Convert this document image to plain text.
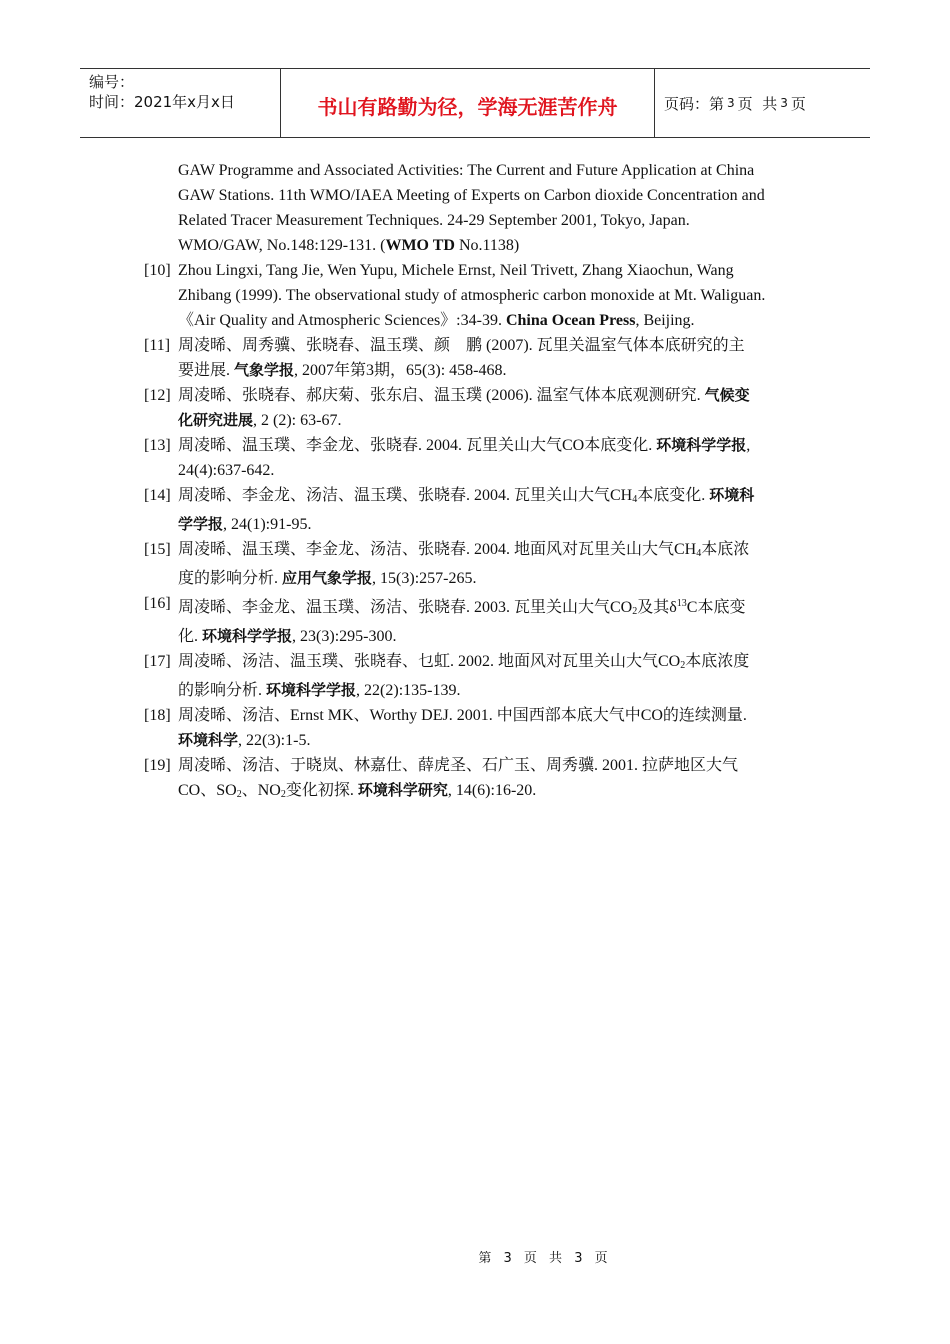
编号：
时间：2021年x月x日	书山有路勤为径，学海无涯苦作舟	页码：第 3 页  共 3 页
GAW Programme and Associated Activities: The Current and Future Application at China
GAW Stations. 11th WMO/IAEA Meeting of Experts on Carbon dioxide Concentration and
Related Tracer Measurement Techniques. 24-29 September 2001, Tokyo, Japan.
WMO/GAW, No.148:129-131. (WMO TD No.1138)
[10] Zhou Lingxi, Tang Jie, Wen Yupu, Michele Ernst, Neil Trivett, Zhang Xiaochun, Wang
Zhibang (1999). The observational study of atmospheric carbon monoxide at Mt. Waliguan.
《Air Quality and Atmospheric Sciences》:34-39. China Ocean Press, Beijing.
[11] 周凌晞、周秀骥、张晓春、温玉璞、颜　鹏 (2007). 瓦里关温室气体本底研究的主
要进展. 气象学报, 2007年第3期，65(3): 458-468.
[12] 周凌晞、张晓春、郝庆菊、张东启、温玉璞 (2006). 温室气体本底观测研究. 气候变
化研究进展, 2 (2): 63-67.
[13] 周凌晞、温玉璞、李金龙、张晓春. 2004. 瓦里关山大气CO本底变化. 环境科学学报,
24(4):637-642.
[14] 周凌晞、李金龙、汤洁、温玉璞、张晓春. 2004. 瓦里关山大气$CH_4$本底变化. 环境科
学学报, 24(1):91-95.
[15] 周凌晞、温玉璞、李金龙、汤洁、张晓春. 2004. 地面风对瓦里关山大气$CH_4$本底浓
度的影响分析. 应用气象学报, 15(3):257-265.
[16] 周凌晞、李金龙、温玉璞、汤洁、张晓春. 2003. 瓦里关山大气$CO_2$及其$\delta^{13}C$本底变
化. 环境科学学报, 23(3):295-300.
[17] 周凌晞、汤洁、温玉璞、张晓春、乜虹. 2002. 地面风对瓦里关山大气$CO_2$本底浓度
的影响分析. 环境科学学报, 22(2):135-139.
[18] 周凌晞、汤洁、Ernst MK、Worthy DEJ. 2001. 中国西部本底大气中CO的连续测量.
环境科学, 22(3):1-5.
[19] 周凌晞、汤洁、于晓岚、林嘉仕、薛虎圣、石广玉、周秀骥. 2001. 拉萨地区大气
CO、$SO_2$、$NO_2$变化初探. 环境科学研究, 14(6):16-20.
第 3 页 共 3 页
